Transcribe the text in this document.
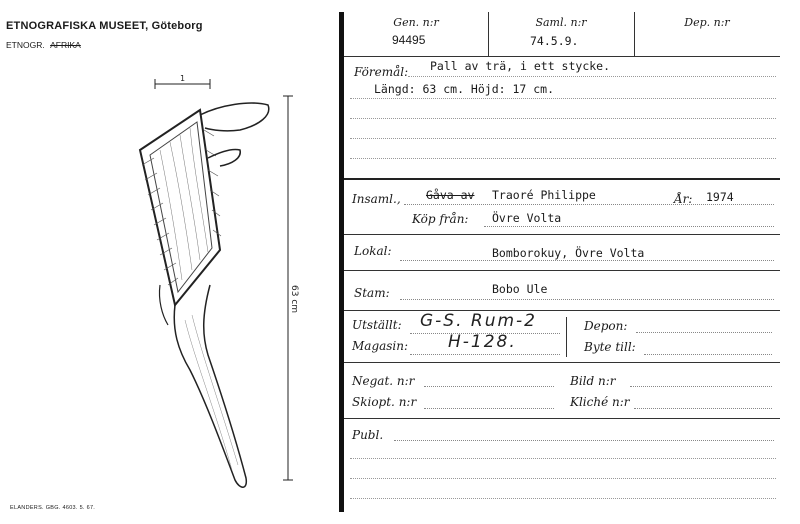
ETNOGRAFISKA MUSEET, Göteborg
ETNOGR. AFRIKA
1
63 cm
ELANDERS. GBG. 4603. 5. 67.
Gen. n:r
94495
Saml. n:r
74.5.9.
Dep. n:r
Föremål: Pall av trä, i ett stycke.
Längd: 63 cm. Höjd: 17 cm.
Insaml., Gåva av Traoré Philippe	År: 1974
Köp från: Övre Volta
Lokal:	Bomborokuy, Övre Volta
Stam:	Bobo Ule
Utställt: G-S. Rum-2
Magasin: H-128.
Depon:
Byte till:
Negat. n:r	Bild n:r
Skiopt. n:r	Kliché n:r
Publ.
